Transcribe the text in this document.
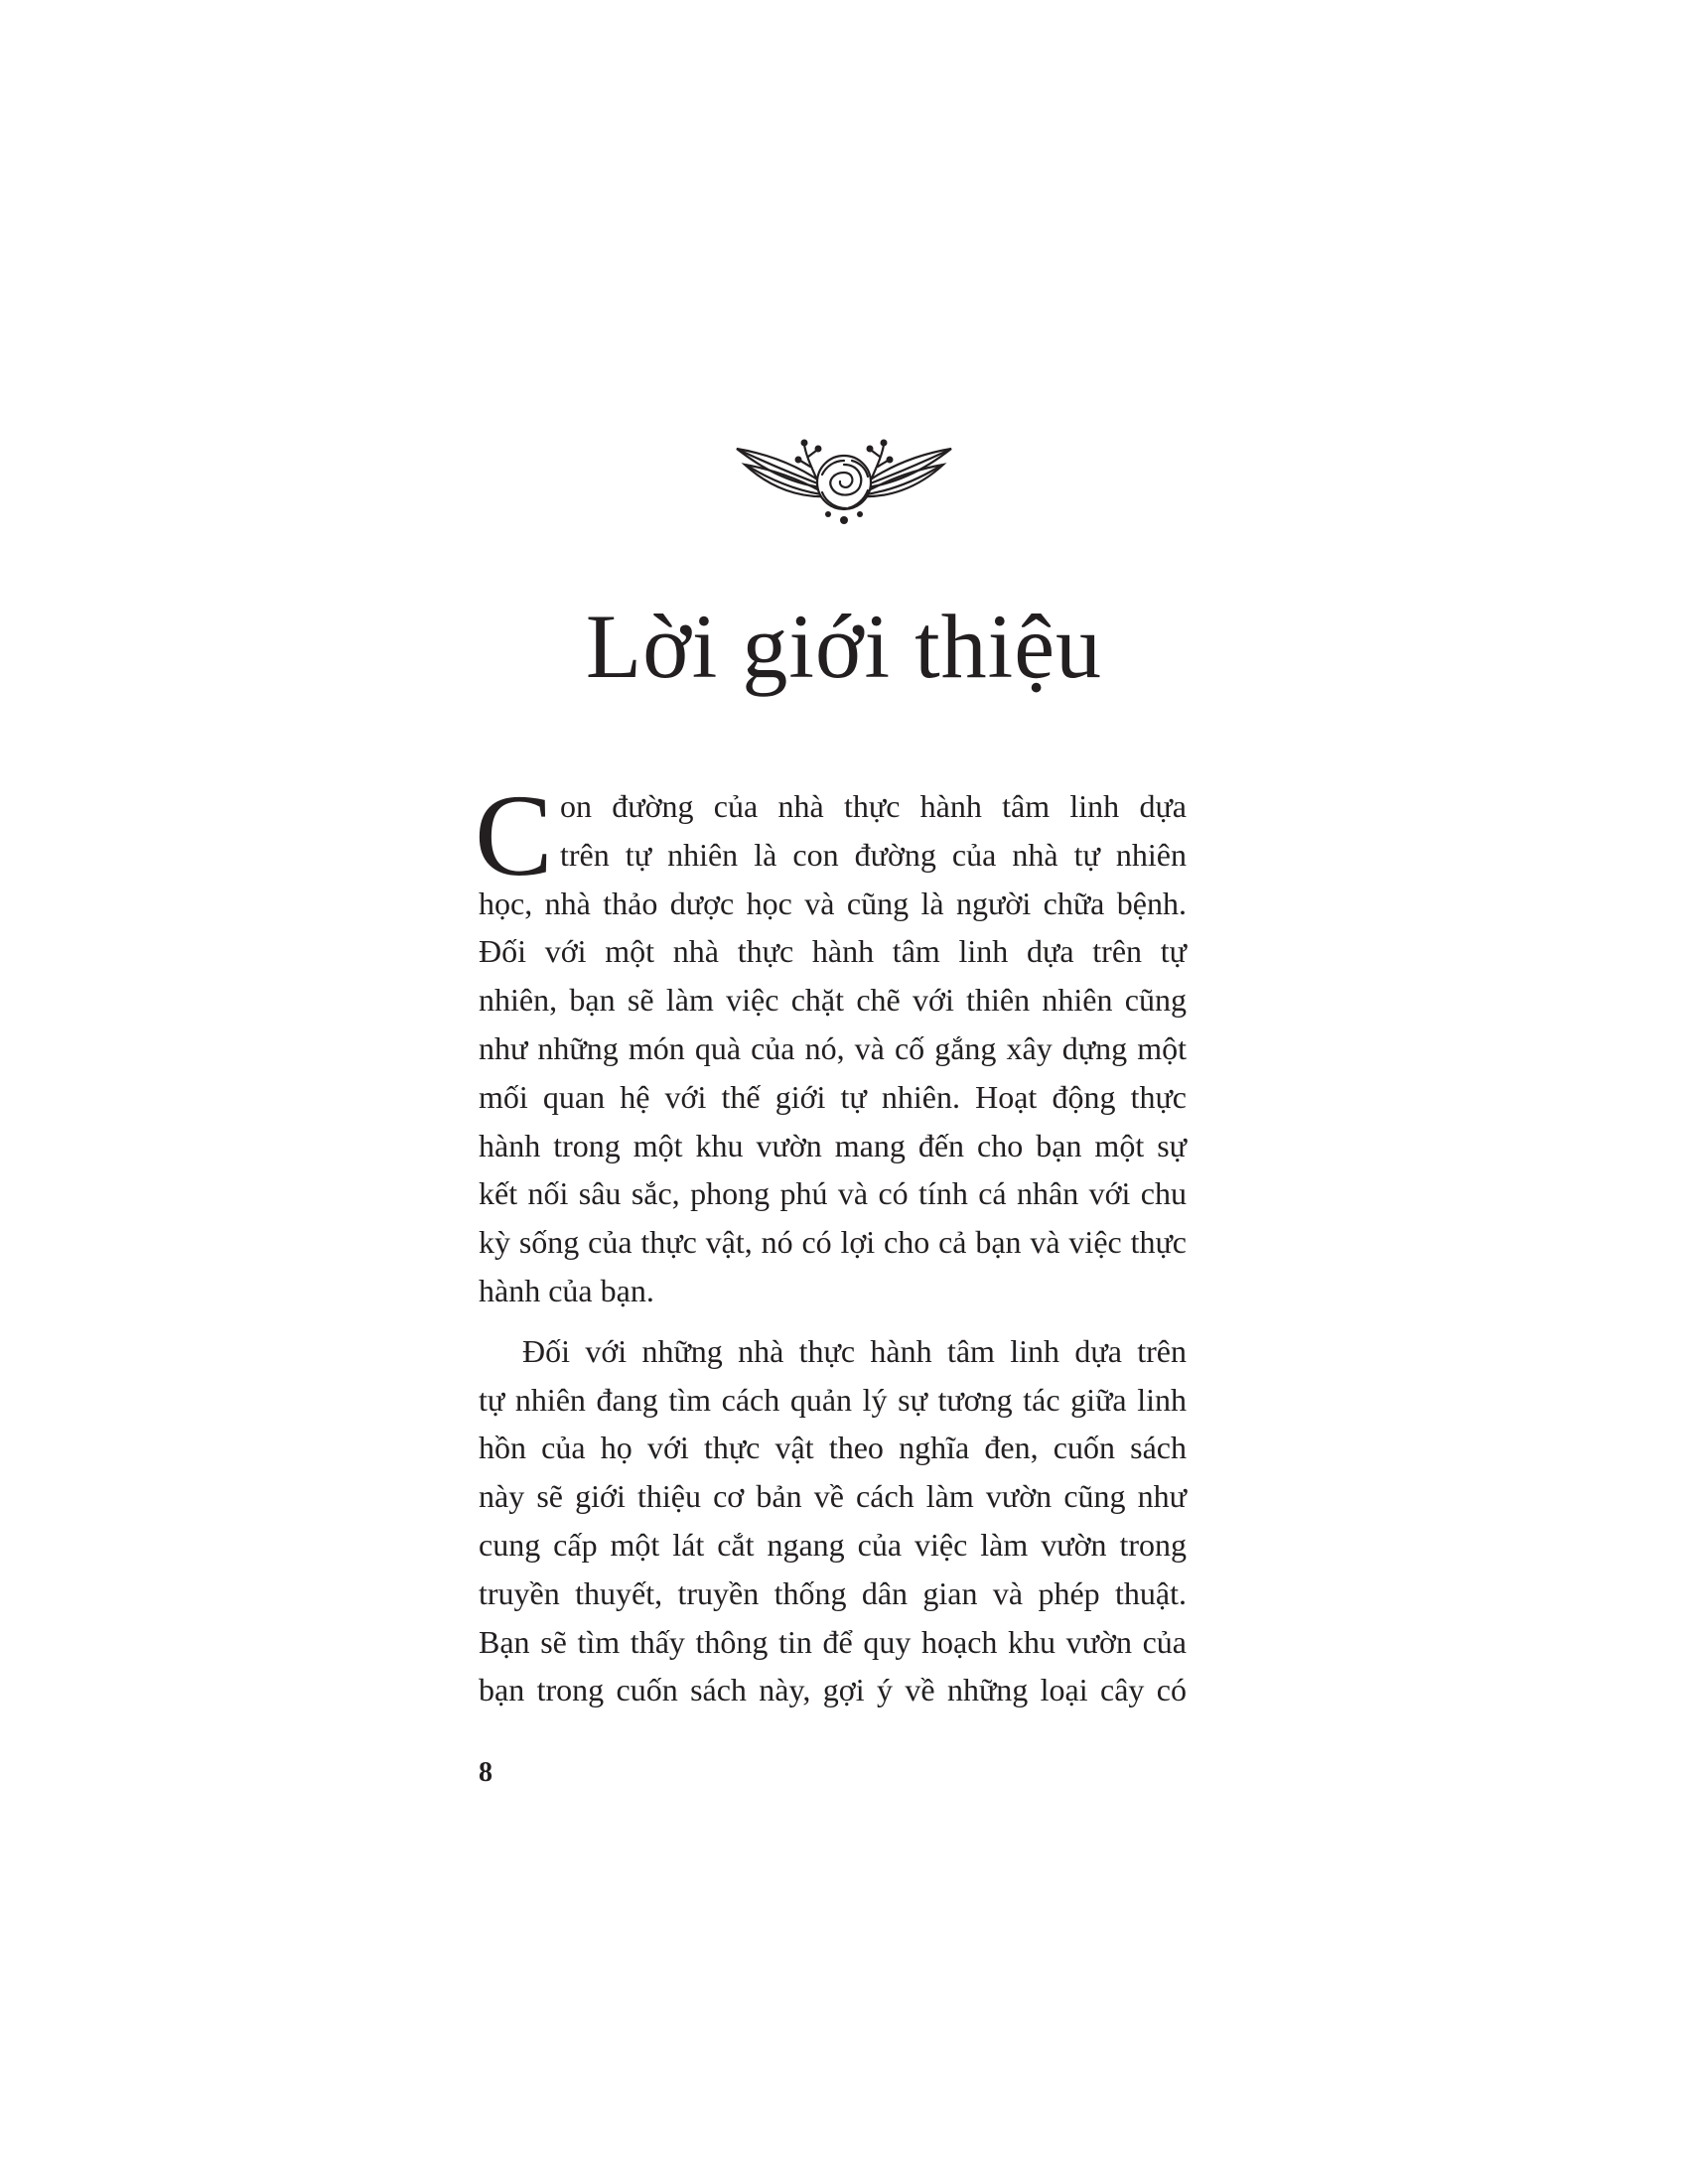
Lời giới thiệu
C on đường của nhà thực hành tâm linh dựa
trên tự nhiên là con đường của nhà tự nhiên
học, nhà thảo dược học và cũng là người chữa bệnh.
Đối với một nhà thực hành tâm linh dựa trên tự
nhiên, bạn sẽ làm việc chặt chẽ với thiên nhiên cũng
như những món quà của nó, và cố gắng xây dựng một
mối quan hệ với thế giới tự nhiên. Hoạt động thực
hành trong một khu vườn mang đến cho bạn một sự
kết nối sâu sắc, phong phú và có tính cá nhân với chu
kỳ sống của thực vật, nó có lợi cho cả bạn và việc thực
hành của bạn.
Đối với những nhà thực hành tâm linh dựa trên
tự nhiên đang tìm cách quản lý sự tương tác giữa linh
hồn của họ với thực vật theo nghĩa đen, cuốn sách
này sẽ giới thiệu cơ bản về cách làm vườn cũng như
cung cấp một lát cắt ngang của việc làm vườn trong
truyền thuyết, truyền thống dân gian và phép thuật.
Bạn sẽ tìm thấy thông tin để quy hoạch khu vườn của
bạn trong cuốn sách này, gợi ý về những loại cây có
8
